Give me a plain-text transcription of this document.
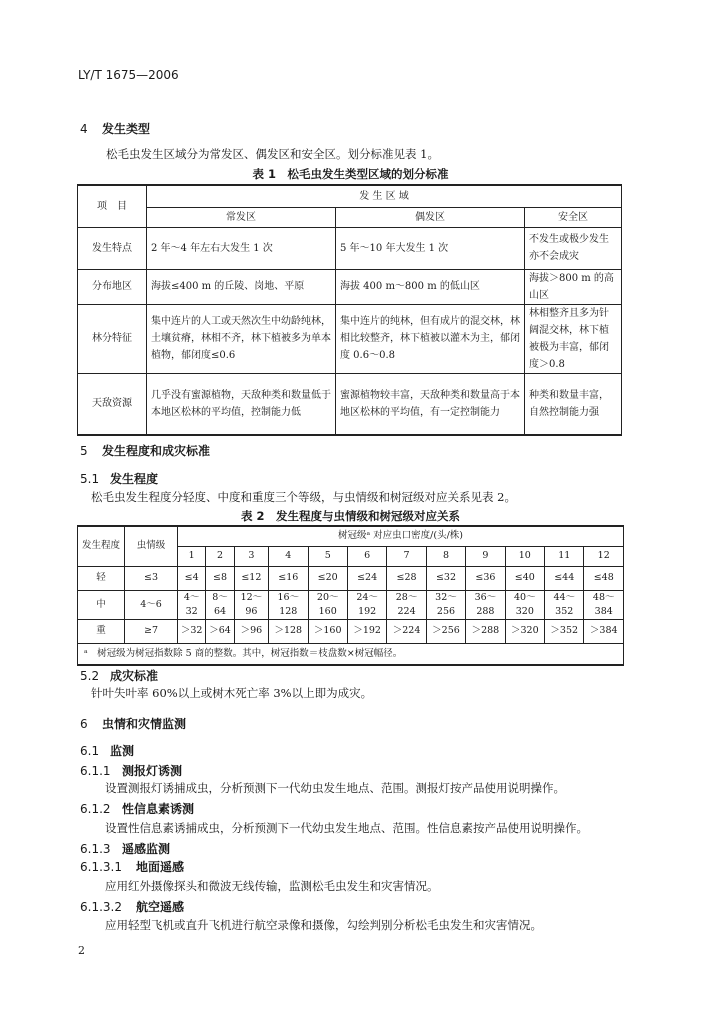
LY/T 1675—2006
4 发生类型
松毛虫发生区域分为常发区、偶发区和安全区。划分标准见表 1。
表 1　松毛虫发生类型区域的划分标准
项　目	发 生 区 域		
	常发区	偶发区	安全区
发生特点	2 年～4 年左右大发生 1 次	5 年～10 年大发生 1 次	不发生或极少发生亦不会成灾
分布地区	海拔≤400 m 的丘陵、岗地、平原	海拔 400 m～800 m 的低山区	海拔＞800 m 的高山区
林分特征	集中连片的人工或天然次生中幼龄纯林，土壤贫瘠，林相不齐，林下植被多为单本植物，郁闭度≤0.6	集中连片的纯林，但有成片的混交林，林相比较整齐，林下植被以灌木为主，郁闭度 0.6～0.8	林相整齐且多为针阔混交林，林下植被极为丰富，郁闭度＞0.8
天敌资源	几乎没有蜜源植物，天敌种类和数量低于本地区松林的平均值，控制能力低	蜜源植物较丰富，天敌种类和数量高于本地区松林的平均值，有一定控制能力	种类和数量丰富，自然控制能力强
5 发生程度和成灾标准
5.1 发生程度
松毛虫发生程度分轻度、中度和重度三个等级，与虫情级和树冠级对应关系见表 2。
表 2　发生程度与虫情级和树冠级对应关系
发生程度	虫情级	树冠级ᵃ 对应虫口密度/(头/株)											
		1	2	3	4	5	6	7	8	9	10	11	12
轻	≤3	≤4	≤8	≤12	≤16	≤20	≤24	≤28	≤32	≤36	≤40	≤44	≤48
中	4～6	4～32	8～64	12～96	16～128	20～160	24～192	28～224	32～256	36～288	40～320	44～352	48～384
重	≥7	＞32	＞64	＞96	＞128	＞160	＞192	＞224	＞256	＞288	＞320	＞352	＞384
ᵃ　树冠级为树冠指数除 5 商的整数。其中，树冠指数＝枝盘数×树冠幅径。													
5.2 成灾标准
针叶失叶率 60%以上或树木死亡率 3%以上即为成灾。
6 虫情和灾情监测
6.1 监测
6.1.1 测报灯诱测
设置测报灯诱捕成虫，分析预测下一代幼虫发生地点、范围。测报灯按产品使用说明操作。
6.1.2 性信息素诱测
设置性信息素诱捕成虫，分析预测下一代幼虫发生地点、范围。性信息素按产品使用说明操作。
6.1.3 遥感监测
6.1.3.1 地面遥感
应用红外摄像探头和微波无线传输，监测松毛虫发生和灾害情况。
6.1.3.2 航空遥感
应用轻型飞机或直升飞机进行航空录像和摄像，勾绘判别分析松毛虫发生和灾害情况。
2
